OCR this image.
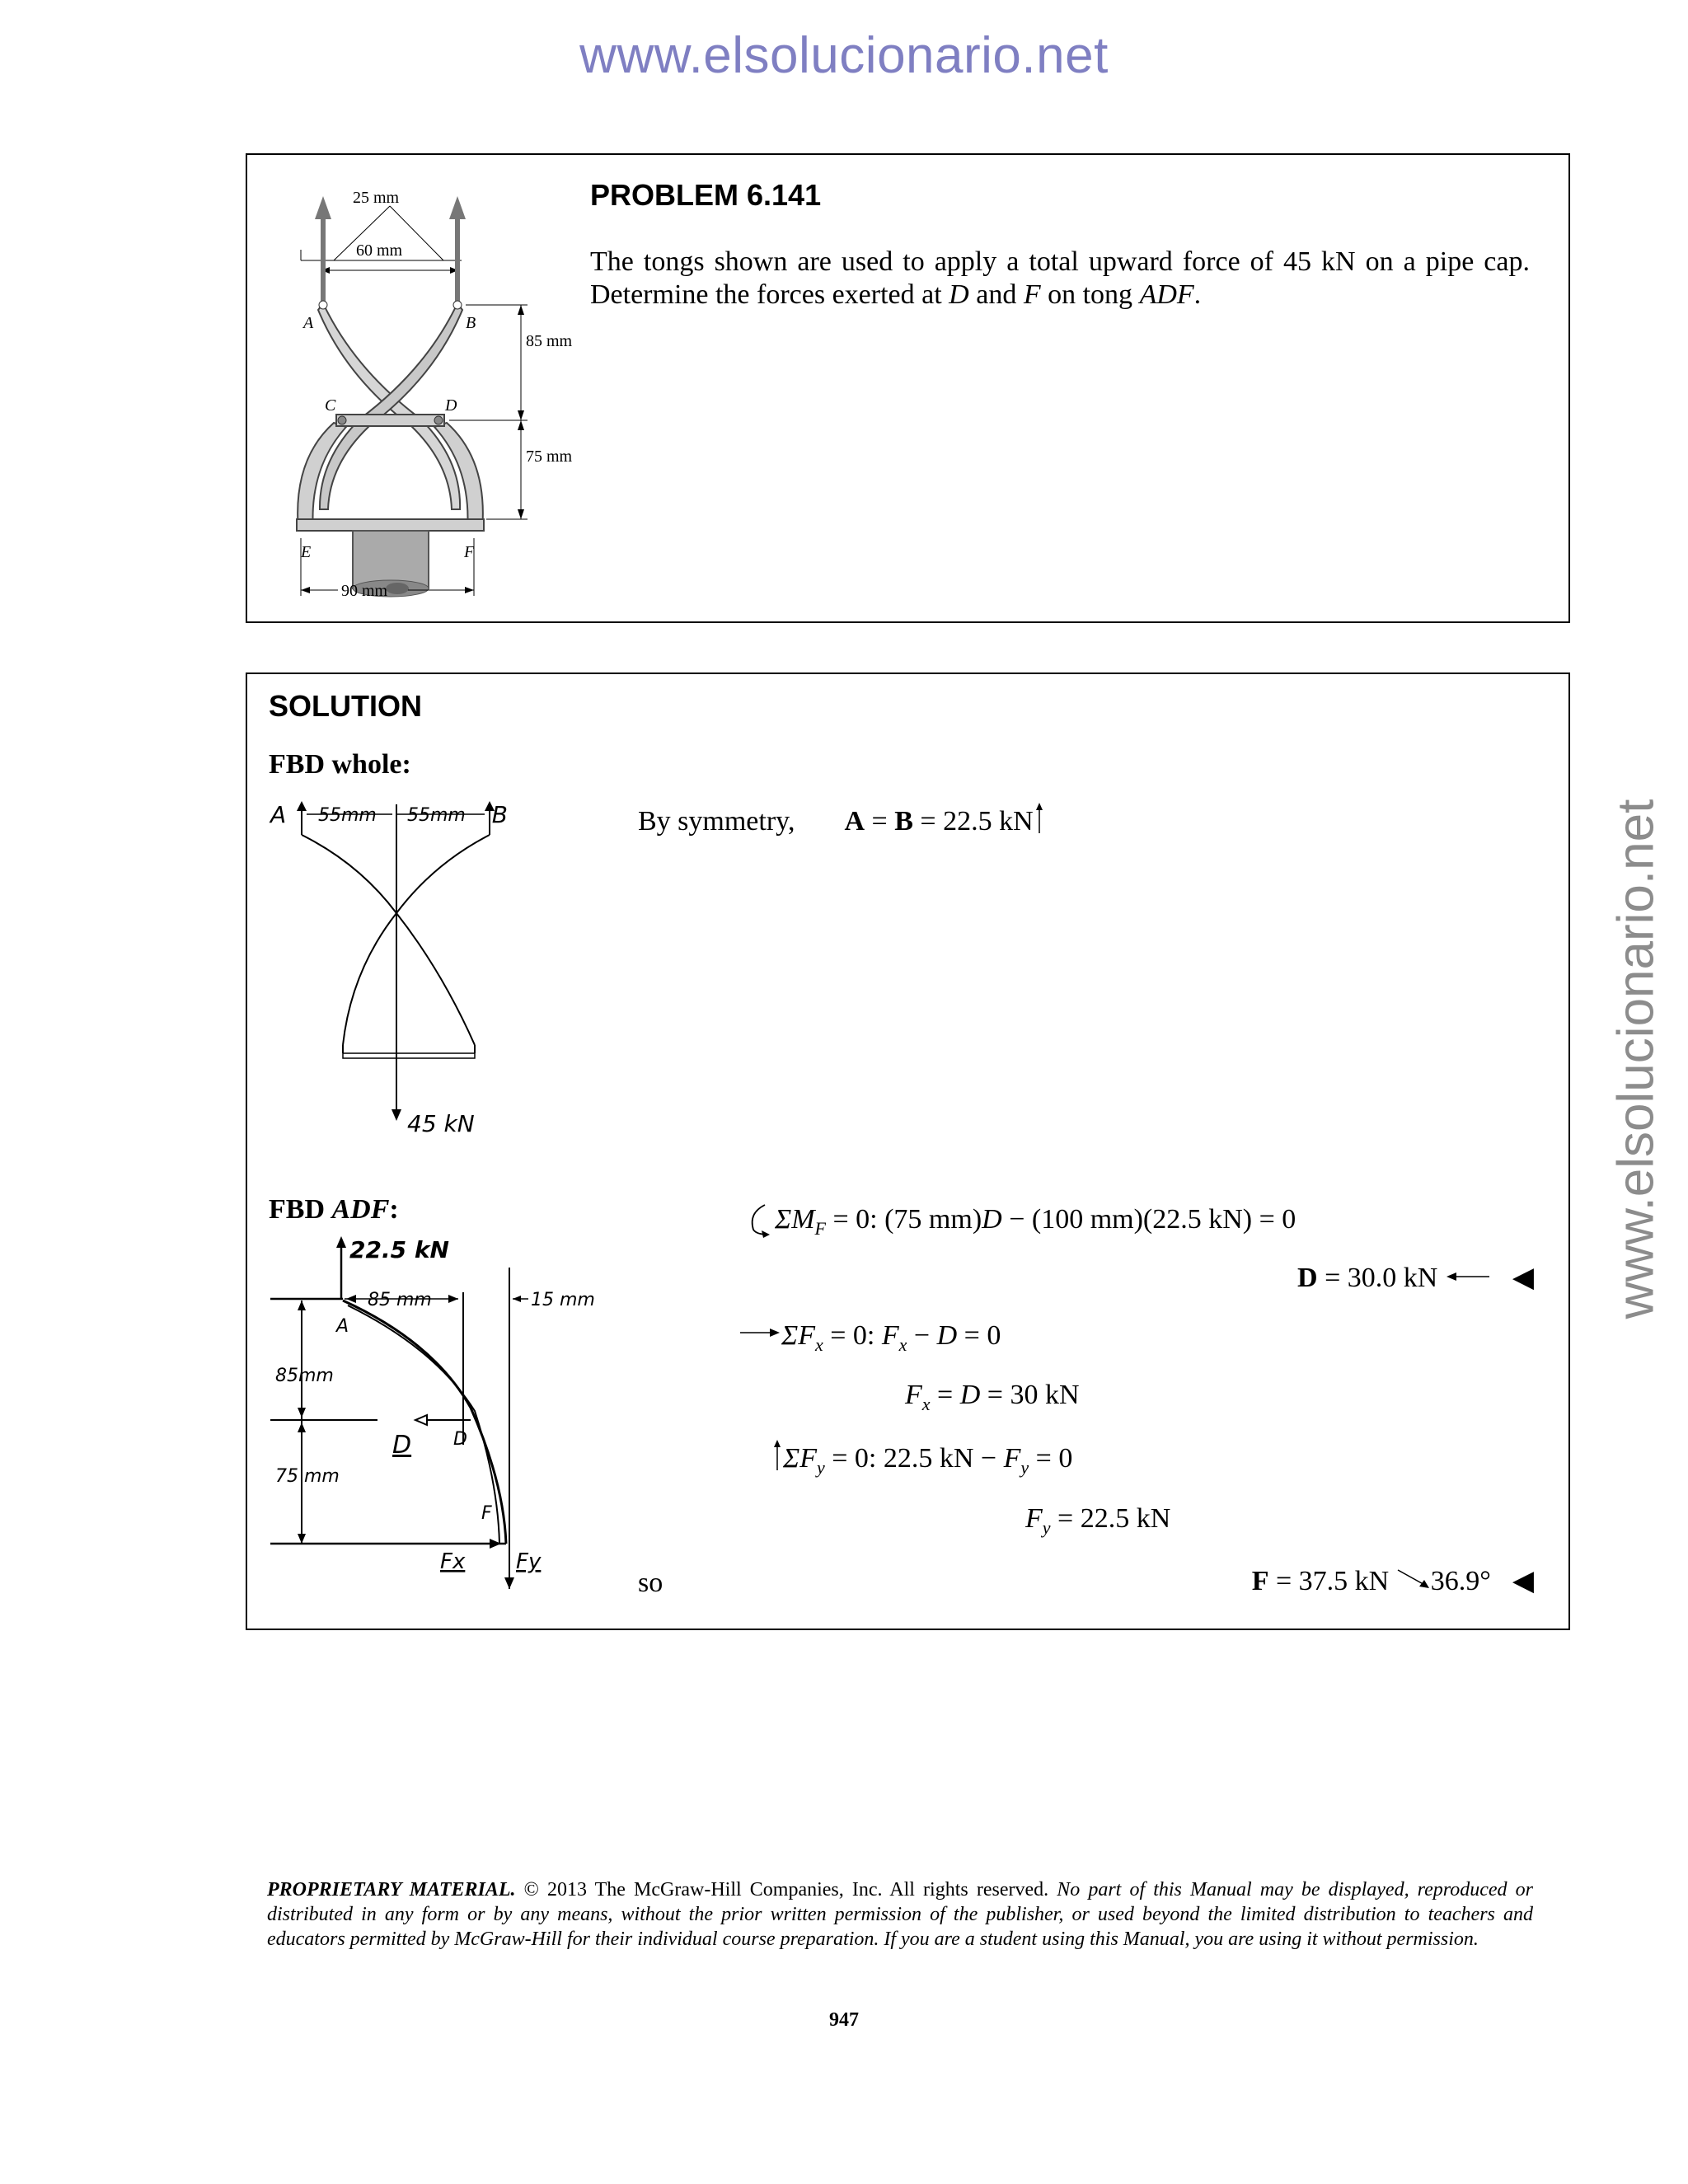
www.elsolucionario.net
www.elsolucionario.net
25 mm
60 mm
A	B
C	D
E	F
85 mm
75 mm
90 mm
PROBLEM 6.141
The tongs shown are used to apply a total upward force of 45 kN on a pipe cap. Determine the forces exerted at D and F on tong ADF.
SOLUTION
FBD whole:
A	B
55mm 55mm
45 kN
By symmetry, A = B = 22.5 kN
FBD ADF:
22.5 kN
85 mm	15 mm
A
85mm
75 mm
D D
F
Fx Fy
$\Sigma M_F = 0$: (75 mm)D − (100 mm)(22.5 kN) = 0
D = 30.0 kN	◀
$\Sigma F_x = 0$: $F_x - D = 0$
$F_x = D = 30$ kN
$\Sigma F_y = 0$: 22.5 kN − $F_y = 0$
$F_y = 22.5$ kN
so	F = 37.5 kN 36.9° ◀
PROPRIETARY MATERIAL. © 2013 The McGraw-Hill Companies, Inc. All rights reserved. No part of this Manual may be displayed, reproduced or distributed in any form or by any means, without the prior written permission of the publisher, or used beyond the limited distribution to teachers and educators permitted by McGraw-Hill for their individual course preparation. If you are a student using this Manual, you are using it without permission.
947
